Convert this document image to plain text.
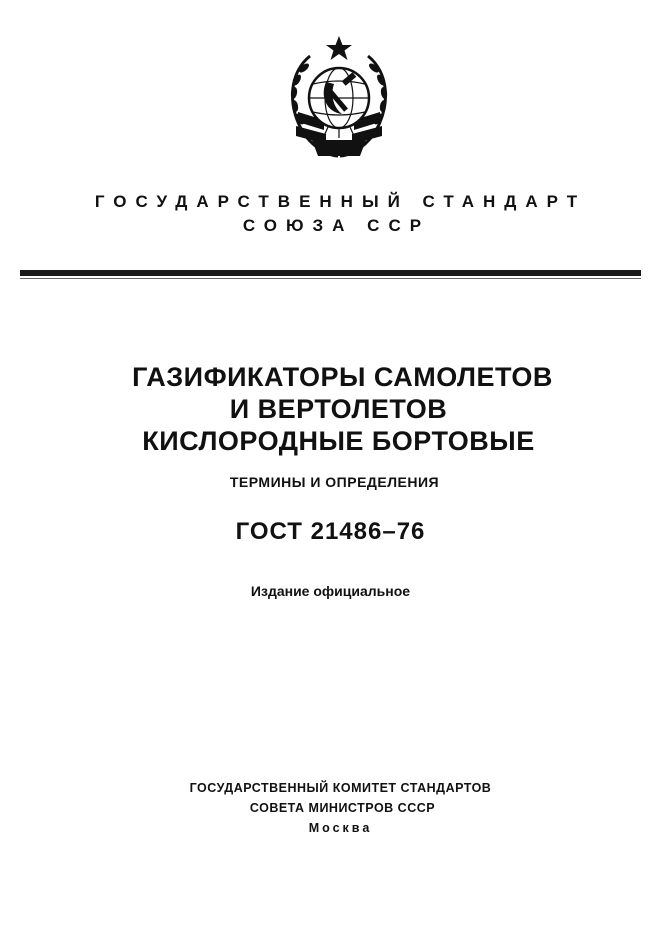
ГОСУДАРСТВЕННЫЙ СТАНДАРТ
СОЮЗА ССР
ГАЗИФИКАТОРЫ САМОЛЕТОВ
И ВЕРТОЛЕТОВ
КИСЛОРОДНЫЕ БОРТОВЫЕ
ТЕРМИНЫ И ОПРЕДЕЛЕНИЯ
ГОСТ 21486–76
Издание официальное
ГОСУДАРСТВЕННЫЙ КОМИТЕТ СТАНДАРТОВ
СОВЕТА МИНИСТРОВ СССР
Москва
